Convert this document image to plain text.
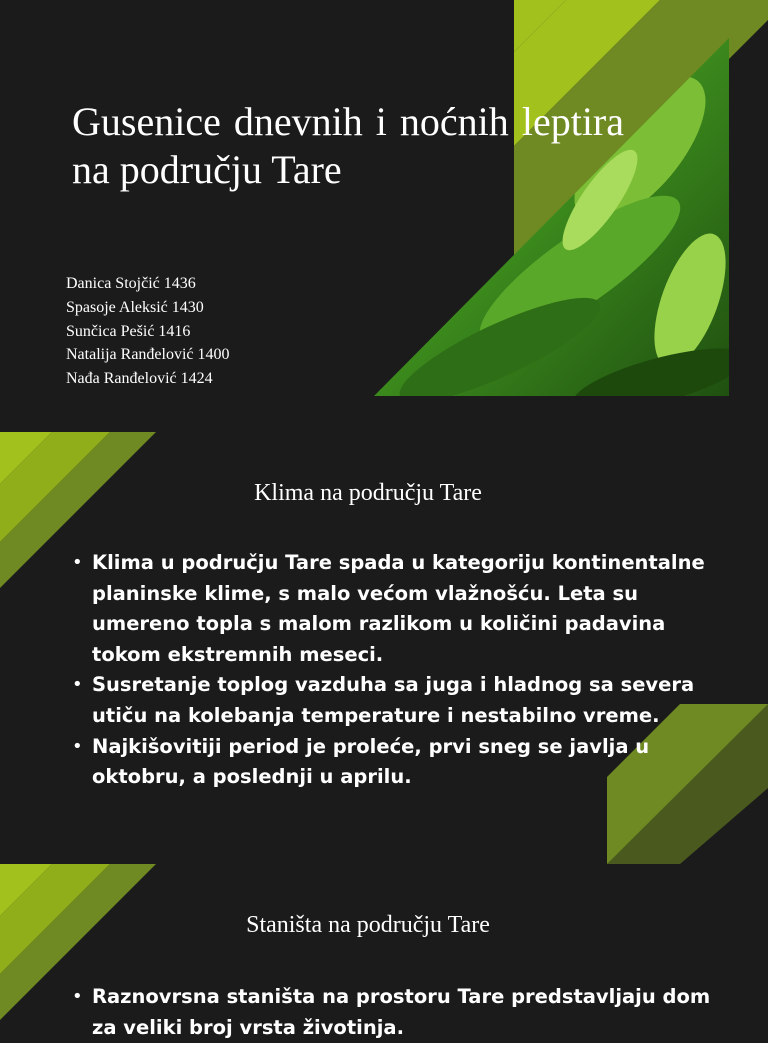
Gusenice dnevnih i noćnih leptira na području Tare
Danica Stojčić 1436
Spasoje Aleksić 1430
Sunčica Pešić 1416
Natalija Ranđelović 1400
Nađa Ranđelović 1424
Klima na području Tare
• Klima u području Tare spada u kategoriju kontinentalne planinske klime, s malo većom vlažnošću. Leta su umereno topla s malom razlikom u količini padavina tokom ekstremnih meseci.
• Susretanje toplog vazduha sa juga i hladnog sa severa utiču na kolebanja temperature i nestabilno vreme.
• Najkišovitiji period je proleće, prvi sneg se javlja u oktobru, a poslednji u aprilu.
Staništa na području Tare
• Raznovrsna staništa na prostoru Tare predstavljaju dom za veliki broj vrsta životinja.
